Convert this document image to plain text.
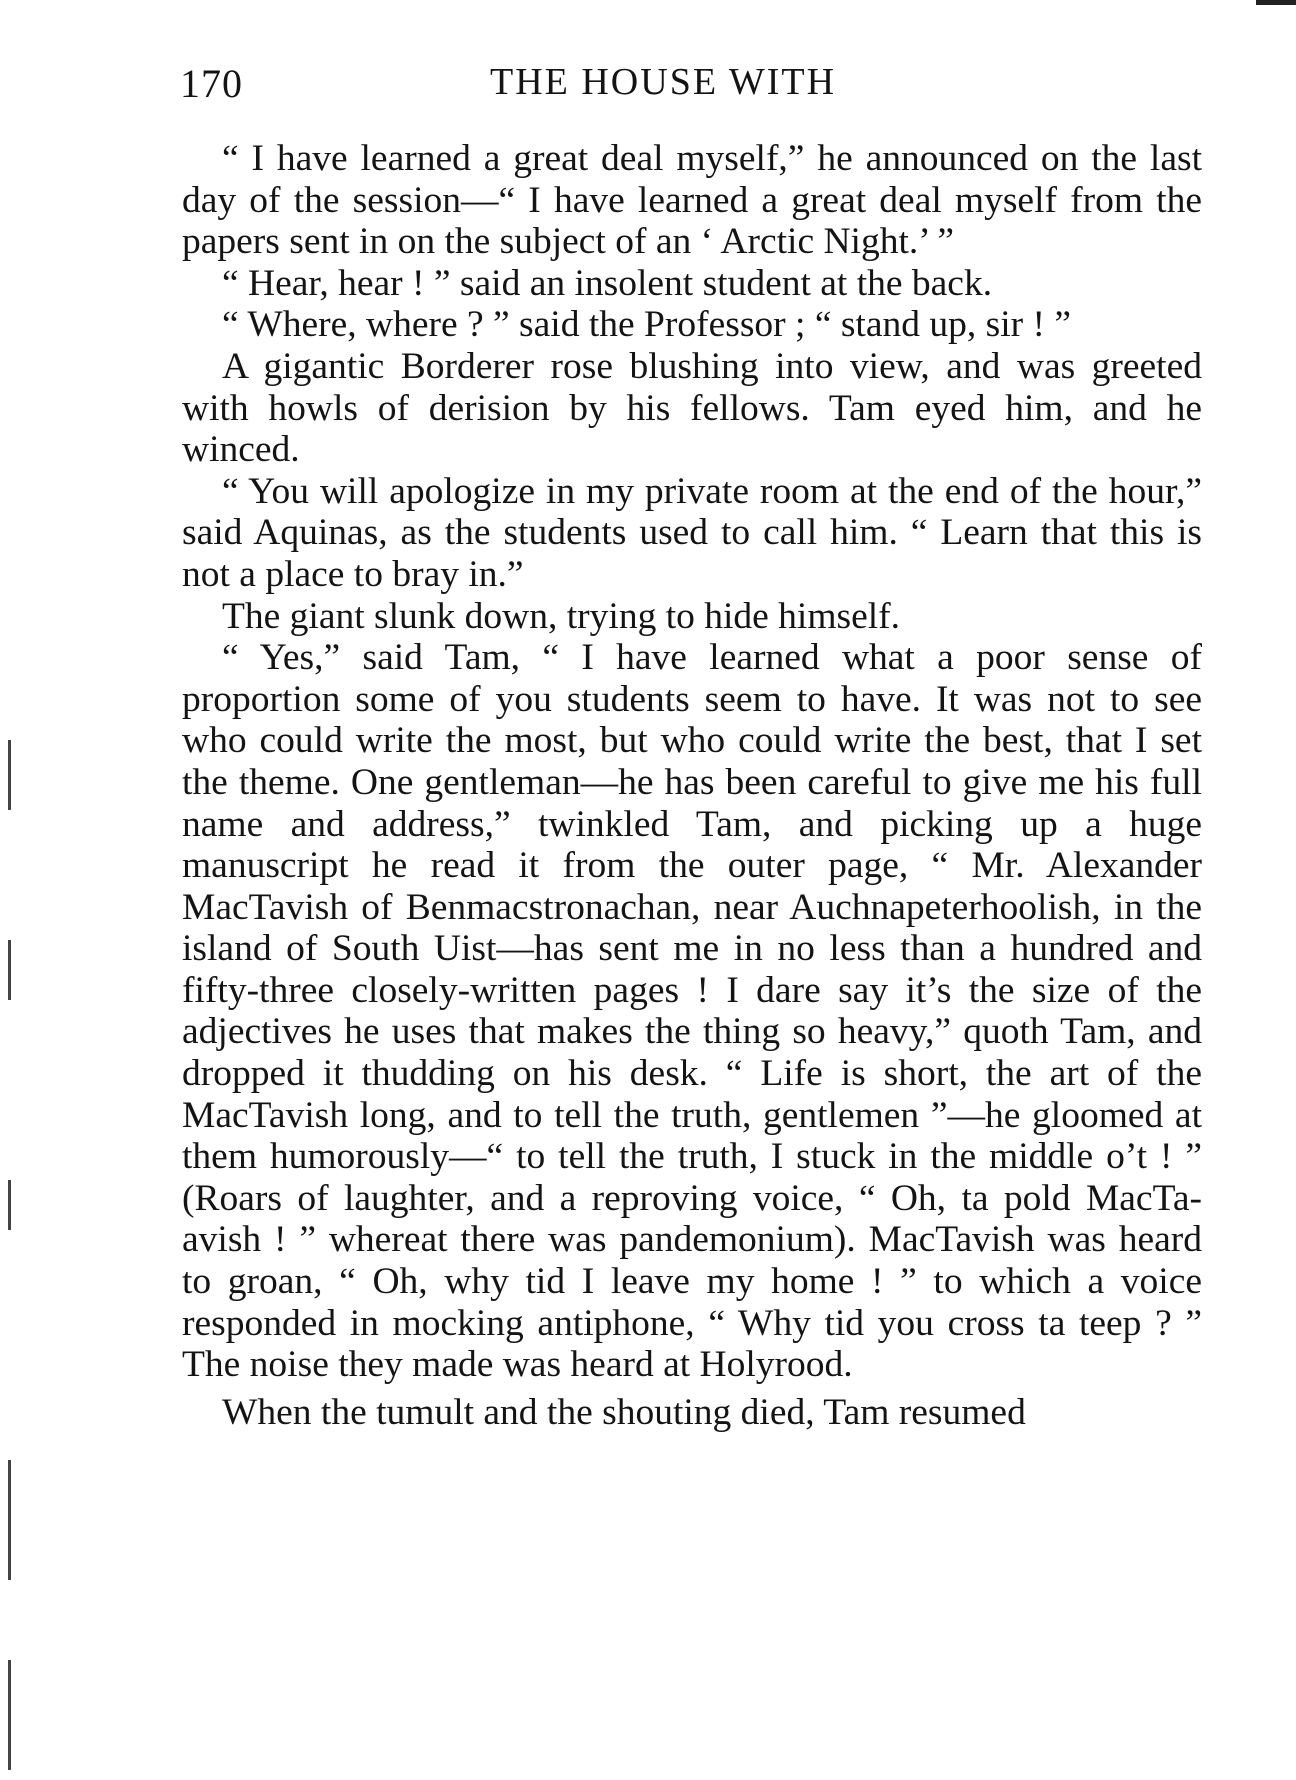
170	THE HOUSE WITH

“ I have learned a great deal myself,” he announced on the last day of the session—“ I have learned a great deal myself from the papers sent in on the subject of an ‘ Arctic Night.’ ”

“ Hear, hear ! ” said an insolent student at the back.

“ Where, where ? ” said the Professor ; “ stand up, sir ! ”

A gigantic Borderer rose blushing into view, and was greeted with howls of derision by his fellows. Tam eyed him, and he winced.

“ You will apologize in my private room at the end of the hour,” said Aquinas, as the students used to call him. “ Learn that this is not a place to bray in.”

The giant slunk down, trying to hide himself.

“ Yes,” said Tam, “ I have learned what a poor sense of proportion some of you students seem to have. It was not to see who could write the most, but who could write the best, that I set the theme. One gentleman—he has been careful to give me his full name and address,” twinkled Tam, and picking up a huge manuscript he read it from the outer page, “ Mr. Alexander MacTavish of Benmacstronachan, near Auchnapeterhoolish, in the island of South Uist—has sent me in no less than a hundred and fifty-three closely-written pages ! I dare say it’s the size of the adjectives he uses that makes the thing so heavy,” quoth Tam, and dropped it thudding on his desk. “ Life is short, the art of the MacTavish long, and to tell the truth, gentlemen ”—he gloomed at them humorously—“ to tell the truth, I stuck in the middle o’t ! ” (Roars of laughter, and a reproving voice, “ Oh, ta pold MacTa-avish ! ” whereat there was pandemonium). MacTavish was heard to groan, “ Oh, why tid I leave my home ! ” to which a voice responded in mocking antiphone, “ Why tid you cross ta teep ? ” The noise they made was heard at Holyrood.

When the tumult and the shouting died, Tam resumed
